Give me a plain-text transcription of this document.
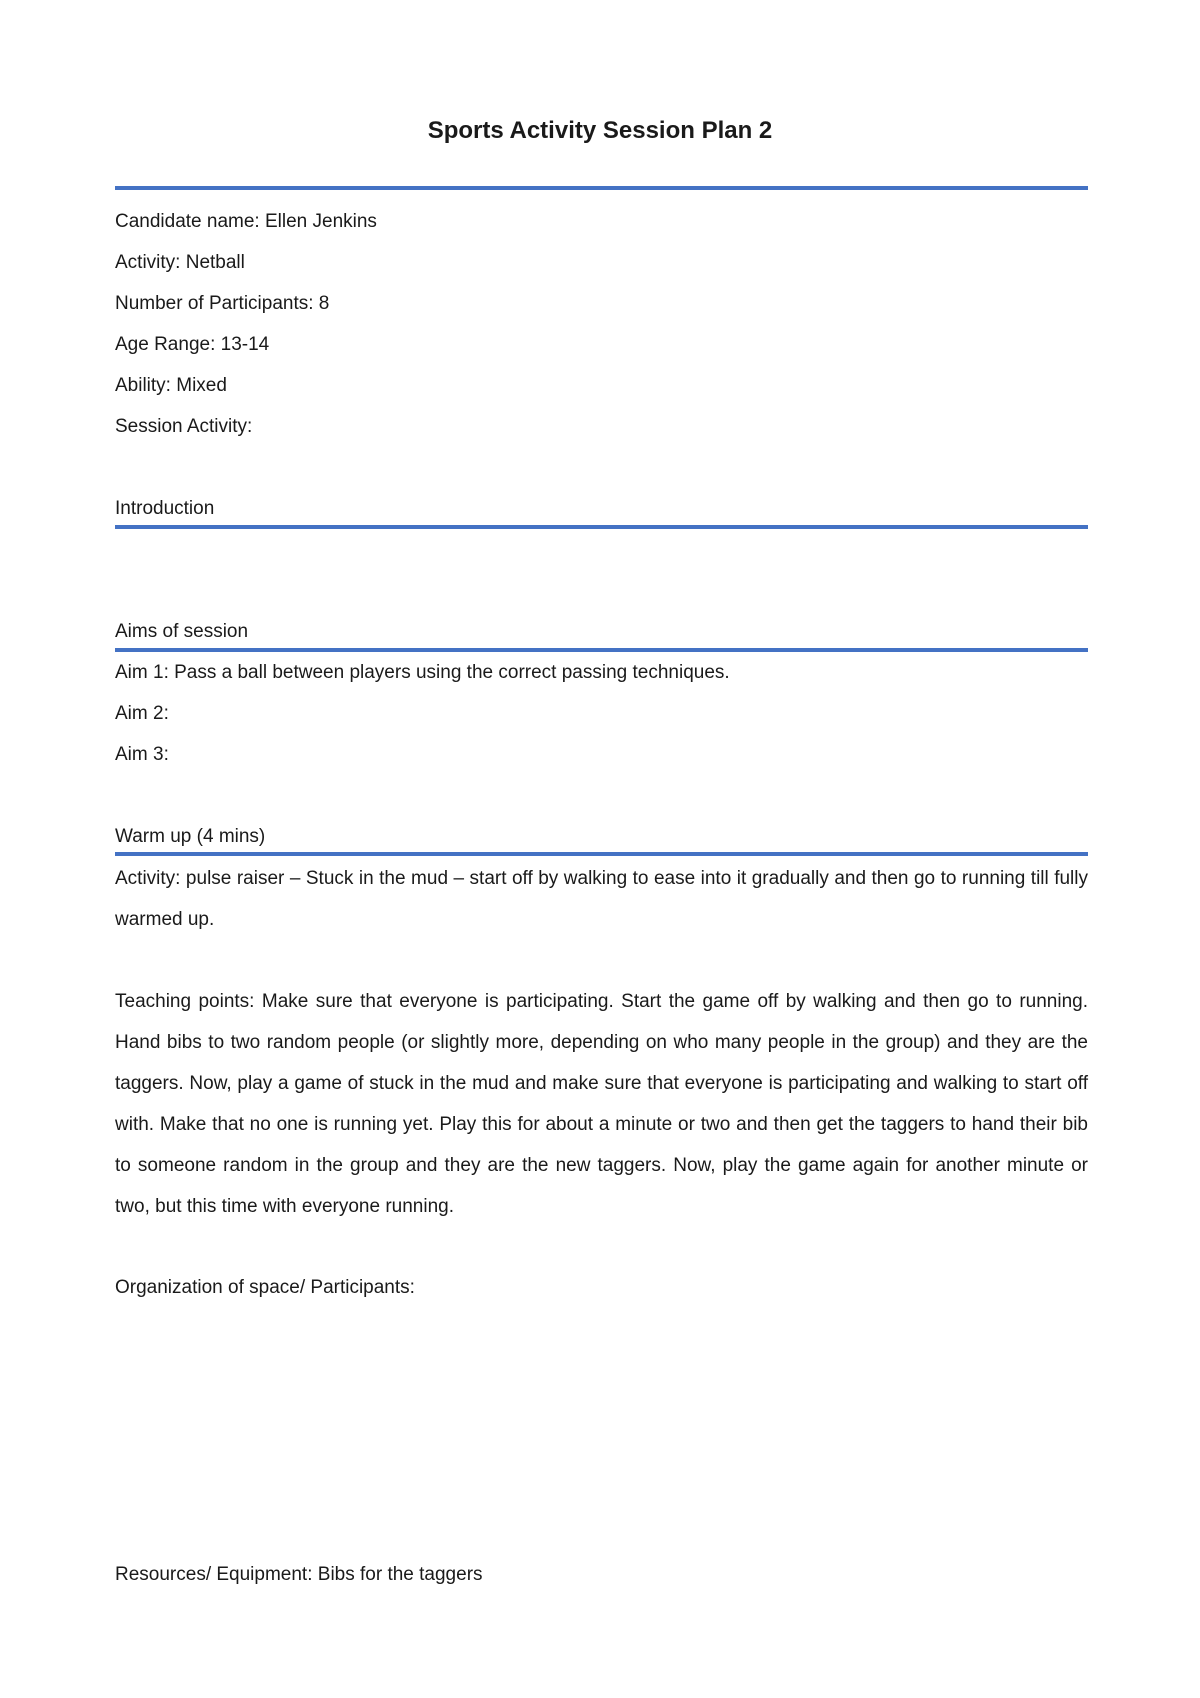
Sports Activity Session Plan 2
Candidate name: Ellen Jenkins
Activity: Netball
Number of Participants: 8
Age Range: 13-14
Ability: Mixed
Session Activity:
Introduction
Aims of session
Aim 1: Pass a ball between players using the correct passing techniques.
Aim 2:
Aim 3:
Warm up (4 mins)
Activity: pulse raiser – Stuck in the mud – start off by walking to ease into it gradually and then go to running till fully warmed up.
Teaching points: Make sure that everyone is participating. Start the game off by walking and then go to running. Hand bibs to two random people (or slightly more, depending on who many people in the group) and they are the taggers. Now, play a game of stuck in the mud and make sure that everyone is participating and walking to start off with. Make that no one is running yet. Play this for about a minute or two and then get the taggers to hand their bib to someone random in the group and they are the new taggers. Now, play the game again for another minute or two, but this time with everyone running.
Organization of space/ Participants:
Resources/ Equipment: Bibs for the taggers
